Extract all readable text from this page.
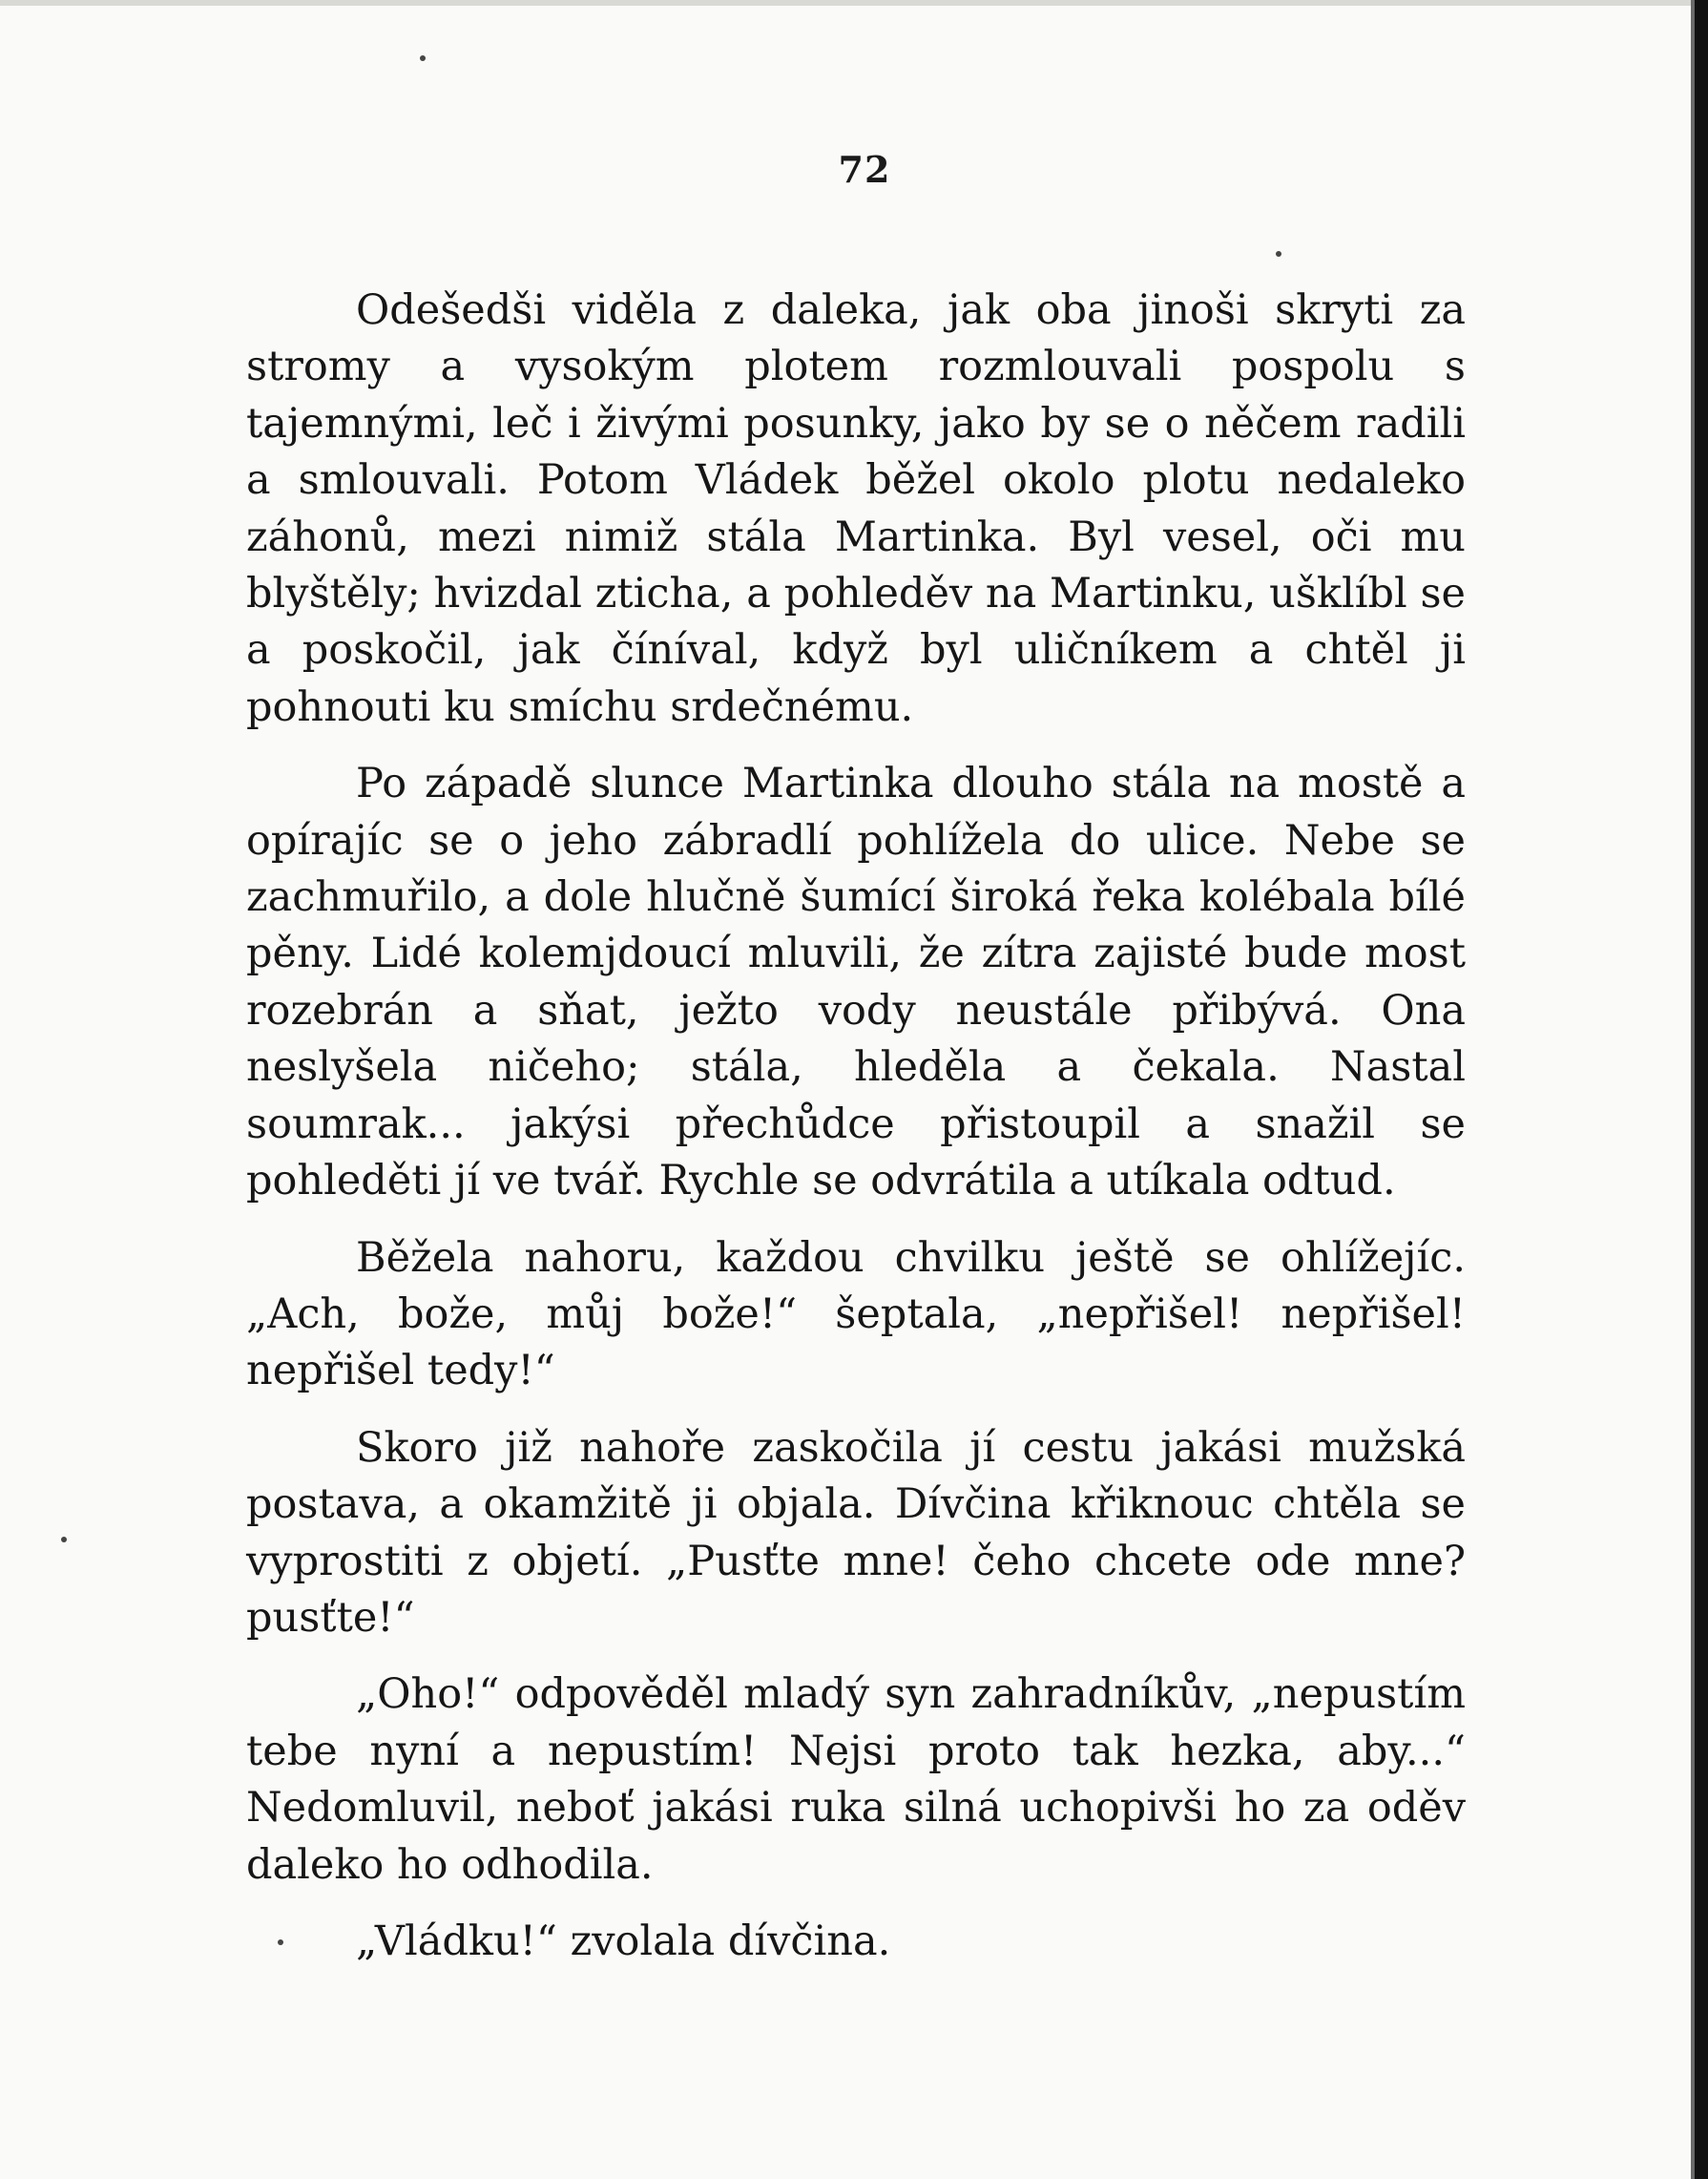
72

Odešedši viděla z daleka, jak oba jinoši skryti za stromy a vysokým plotem rozmlouvali pospolu s tajemnými, leč i živými posunky, jako by se o něčem radili a smlouvali. Potom Vládek běžel okolo plotu nedaleko záhonů, mezi nimiž stála Martinka. Byl vesel, oči mu blyštěly; hvizdal zticha, a pohleděv na Martinku, ušklíbl se a poskočil, jak číníval, když byl uličníkem a chtěl ji pohnouti ku smíchu srdečnému.

Po západě slunce Martinka dlouho stála na mostě a opírajíc se o jeho zábradlí pohlížela do ulice. Nebe se zachmuřilo, a dole hlučně šumící široká řeka kolébala bílé pěny. Lidé kolemjdoucí mluvili, že zítra zajisté bude most rozebrán a sňat, ježto vody neustále přibývá. Ona neslyšela ničeho; stála, hleděla a čekala. Nastal soumrak... jakýsi přechůdce přistoupil a snažil se pohleděti jí ve tvář. Rychle se odvrátila a utíkala odtud.

Běžela nahoru, každou chvilku ještě se ohlížejíc. „Ach, bože, můj bože!“ šeptala, „nepřišel! nepřišel! nepřišel tedy!“

Skoro již nahoře zaskočila jí cestu jakási mužská postava, a okamžitě ji objala. Dívčina křiknouc chtěla se vyprostiti z objetí. „Pusťte mne! čeho chcete ode mne? pusťte!“

„Oho!“ odpověděl mladý syn zahradníkův, „nepustím tebe nyní a nepustím! Nejsi proto tak hezka, aby...“ Nedomluvil, neboť jakási ruka silná uchopivši ho za oděv daleko ho odhodila.

„Vládku!“ zvolala dívčina.
